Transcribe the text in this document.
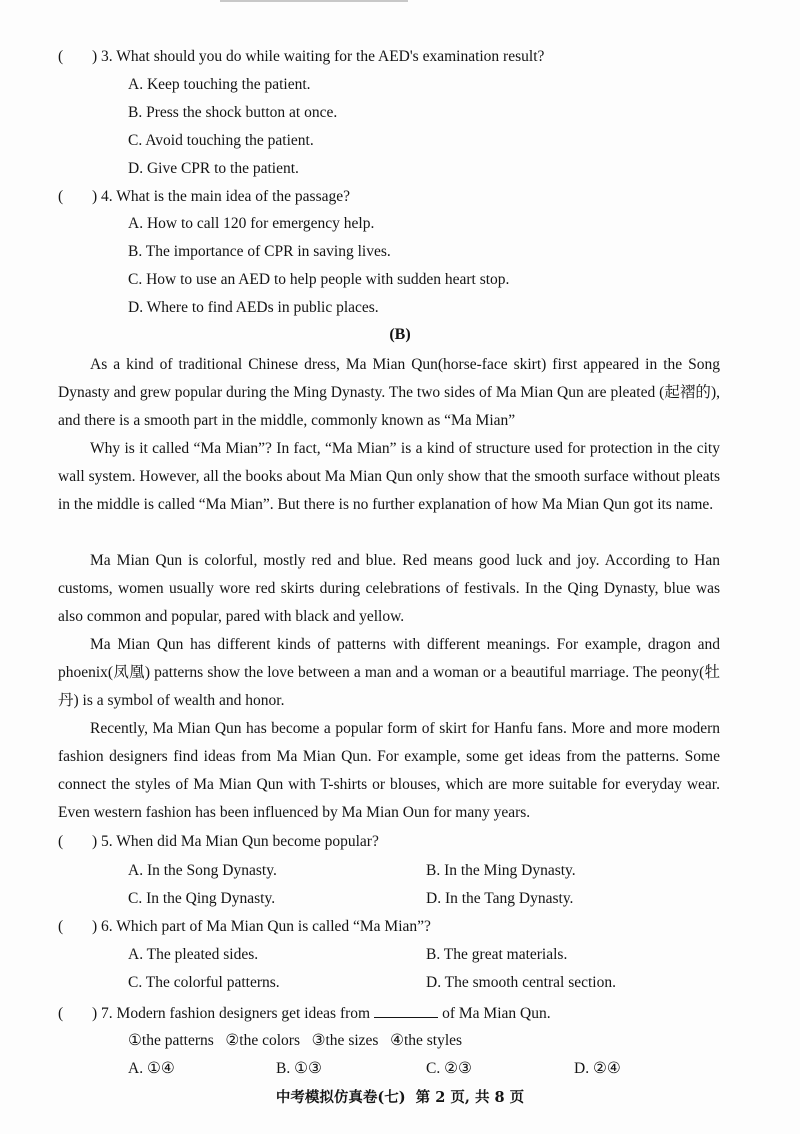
( ) 3. What should you do while waiting for the AED's examination result?
A. Keep touching the patient.
B. Press the shock button at once.
C. Avoid touching the patient.
D. Give CPR to the patient.
( ) 4. What is the main idea of the passage?
A. How to call 120 for emergency help.
B. The importance of CPR in saving lives.
C. How to use an AED to help people with sudden heart stop.
D. Where to find AEDs in public places.
(B)
As a kind of traditional Chinese dress, Ma Mian Qun(horse-face skirt) first appeared in the Song Dynasty and grew popular during the Ming Dynasty. The two sides of Ma Mian Qun are pleated (起褶的), and there is a smooth part in the middle, commonly known as “Ma Mian”
Why is it called “Ma Mian”? In fact, “Ma Mian” is a kind of structure used for protection in the city wall system. However, all the books about Ma Mian Qun only show that the smooth surface without pleats in the middle is called “Ma Mian”. But there is no further explanation of how Ma Mian Qun got its name.
Ma Mian Qun is colorful, mostly red and blue. Red means good luck and joy. According to Han customs, women usually wore red skirts during celebrations of festivals. In the Qing Dynasty, blue was also common and popular, pared with black and yellow.
Ma Mian Qun has different kinds of patterns with different meanings. For example, dragon and phoenix(凤凰) patterns show the love between a man and a woman or a beautiful marriage. The peony(牡丹) is a symbol of wealth and honor.
Recently, Ma Mian Qun has become a popular form of skirt for Hanfu fans. More and more modern fashion designers find ideas from Ma Mian Qun. For example, some get ideas from the patterns. Some connect the styles of Ma Mian Qun with T-shirts or blouses, which are more suitable for everyday wear. Even western fashion has been influenced by Ma Mian Oun for many years.
( ) 5. When did Ma Mian Qun become popular?
A. In the Song Dynasty.	B. In the Ming Dynasty.
C. In the Qing Dynasty.	D. In the Tang Dynasty.
( ) 6. Which part of Ma Mian Qun is called “Ma Mian”?
A. The pleated sides.	B. The great materials.
C. The colorful patterns.	D. The smooth central section.
( ) 7. Modern fashion designers get ideas from	of Ma Mian Qun.
①the patterns   ②the colors   ③the sizes   ④the styles
A. ①④	B. ①③	C. ②③	D. ②④
中考模拟仿真卷(七)  第 2 页, 共 8 页
